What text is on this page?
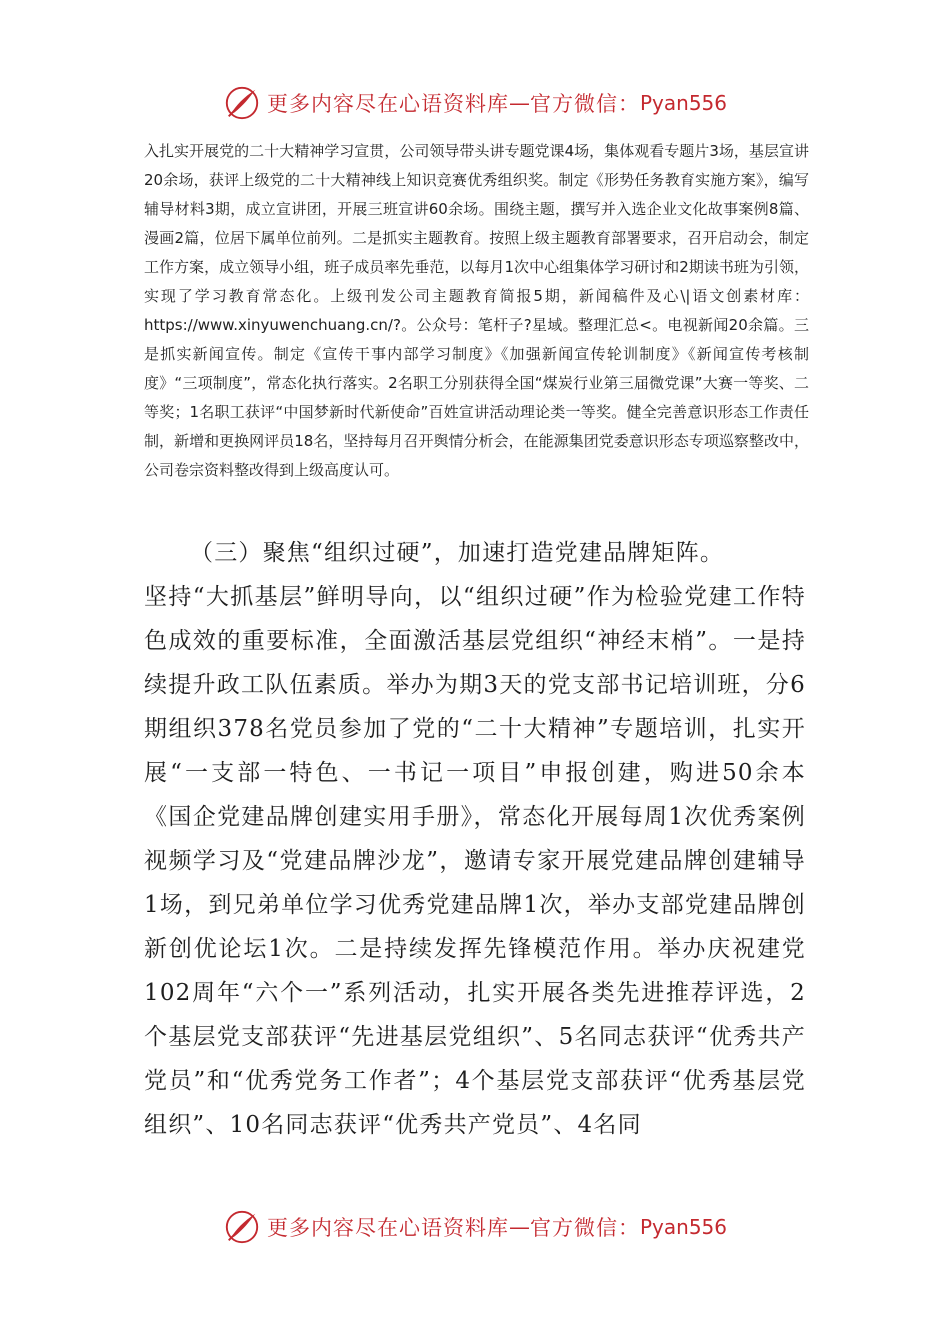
更多内容尽在心语资料库 — 官方微信： Pyan556

入扎实开展党的二十大精神学习宣贯，公司领导带头讲专题党课4场，集体观看专题片3场，基层宣讲20余场，获评上级党的二十大精神线上知识竞赛优秀组织奖。制定《形势任务教育实施方案》，编写辅导材料3期，成立宣讲团，开展三班宣讲60余场。围绕主题，撰写并入选企业文化故事案例8篇、漫画2篇，位居下属单位前列。二是抓实主题教育。按照上级主题教育部署要求，召开启动会，制定工作方案，成立领导小组，班子成员率先垂范，以每月1次中心组集体学习研讨和2期读书班为引领，实现了学习教育常态化。上级刊发公司主题教育简报5期，新闻稿件及心\|语文创素材库：https://www.xinyuwenchuang.cn/?。公众号：笔杆子?星域。整理汇总<。电视新闻20余篇。三是抓实新闻宣传。制定《宣传干事内部学习制度》《加强新闻宣传轮训制度》《新闻宣传考核制度》“三项制度”，常态化执行落实。2名职工分别获得全国“煤炭行业第三届微党课”大赛一等奖、二等奖；1名职工获评“中国梦新时代新使命”百姓宣讲活动理论类一等奖。健全完善意识形态工作责任制，新增和更换网评员18名，坚持每月召开舆情分析会，在能源集团党委意识形态专项巡察整改中，公司卷宗资料整改得到上级高度认可。

（三）聚焦“组织过硬”，加速打造党建品牌矩阵。
坚持“大抓基层”鲜明导向，以“组织过硬”作为检验党建工作特色成效的重要标准，全面激活基层党组织“神经末梢”。一是持续提升政工队伍素质。举办为期3天的党支部书记培训班，分6期组织378名党员参加了党的“二十大精神”专题培训，扎实开展“一支部一特色、一书记一项目”申报创建，购进50余本《国企党建品牌创建实用手册》，常态化开展每周1次优秀案例视频学习及“党建品牌沙龙”，邀请专家开展党建品牌创建辅导1场，到兄弟单位学习优秀党建品牌1次，举办支部党建品牌创新创优论坛1次。二是持续发挥先锋模范作用。举办庆祝建党102周年“六个一”系列活动，扎实开展各类先进推荐评选，2个基层党支部获评“先进基层党组织”、5名同志获评“优秀共产党员”和“优秀党务工作者”；4个基层党支部获评“优秀基层党组织”、10名同志获评“优秀共产党员”、4名同
更多内容尽在心语资料库 — 官方微信： Pyan556
